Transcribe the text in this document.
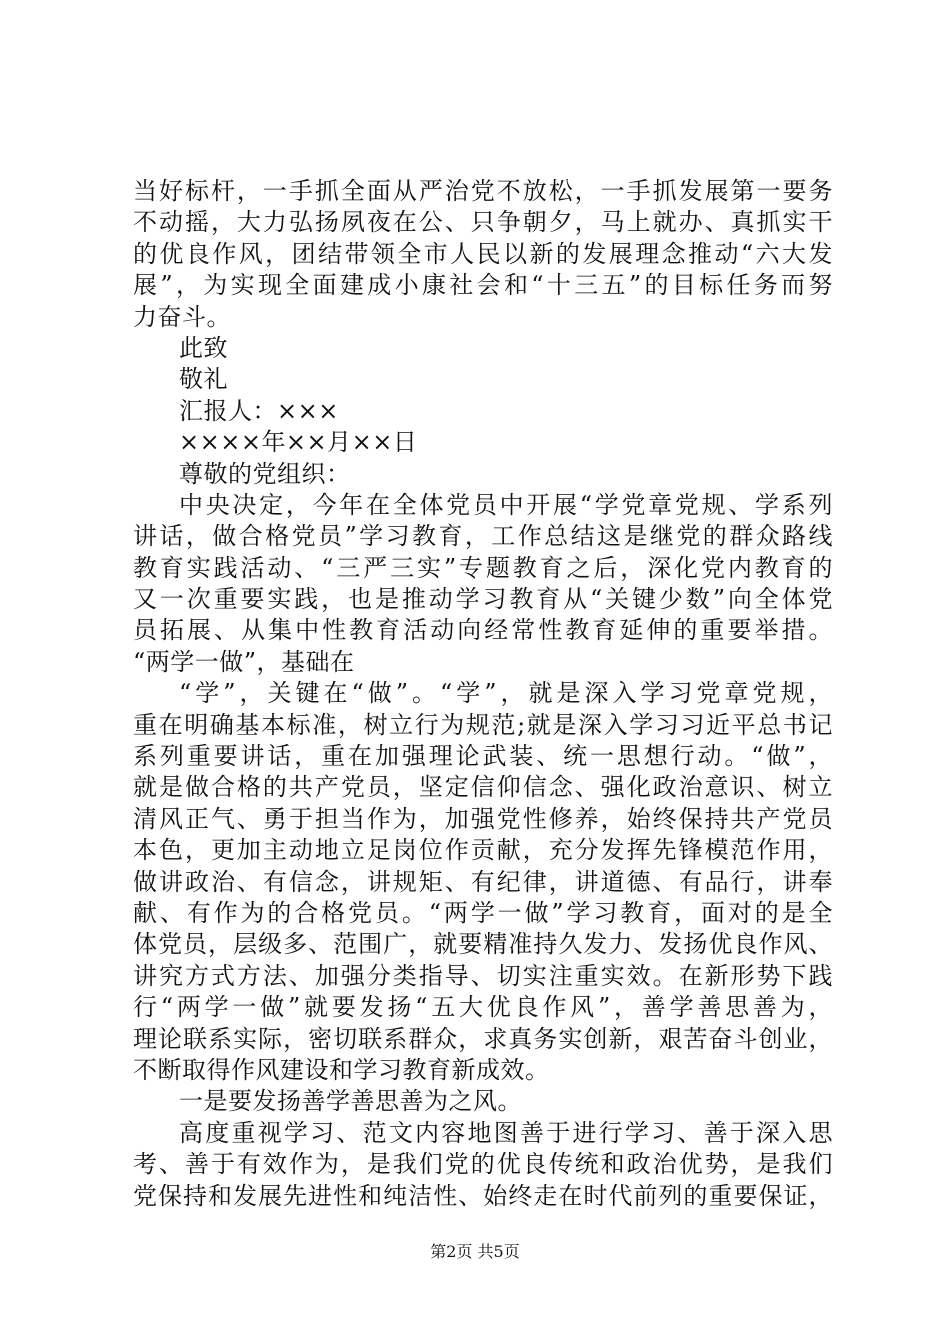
当好标杆，一手抓全面从严治党不放松，一手抓发展第一要务
不动摇，大力弘扬夙夜在公、只争朝夕，马上就办、真抓实干
的优良作风，团结带领全市人民以新的发展理念推动“六大发
展”，为实现全面建成小康社会和“十三五”的目标任务而努
力奋斗。
此致
敬礼
汇报人：×××
××××年××月××日
尊敬的党组织：
中央决定，今年在全体党员中开展“学党章党规、学系列
讲话，做合格党员”学习教育，工作总结这是继党的群众路线
教育实践活动、“三严三实”专题教育之后，深化党内教育的
又一次重要实践，也是推动学习教育从“关键少数”向全体党
员拓展、从集中性教育活动向经常性教育延伸的重要举措。
“两学一做”，基础在
“学”，关键在“做”。“学”，就是深入学习党章党规，
重在明确基本标准，树立行为规范;就是深入学习习近平总书记
系列重要讲话，重在加强理论武装、统一思想行动。“做”，
就是做合格的共产党员，坚定信仰信念、强化政治意识、树立
清风正气、勇于担当作为，加强党性修养，始终保持共产党员
本色，更加主动地立足岗位作贡献，充分发挥先锋模范作用，
做讲政治、有信念，讲规矩、有纪律，讲道德、有品行，讲奉
献、有作为的合格党员。“两学一做”学习教育，面对的是全
体党员，层级多、范围广，就要精准持久发力、发扬优良作风、
讲究方式方法、加强分类指导、切实注重实效。在新形势下践
行“两学一做”就要发扬“五大优良作风”，善学善思善为，
理论联系实际，密切联系群众，求真务实创新，艰苦奋斗创业，
不断取得作风建设和学习教育新成效。
一是要发扬善学善思善为之风。
高度重视学习、范文内容地图善于进行学习、善于深入思
考、善于有效作为，是我们党的优良传统和政治优势，是我们
党保持和发展先进性和纯洁性、始终走在时代前列的重要保证，
第2页 共5页
